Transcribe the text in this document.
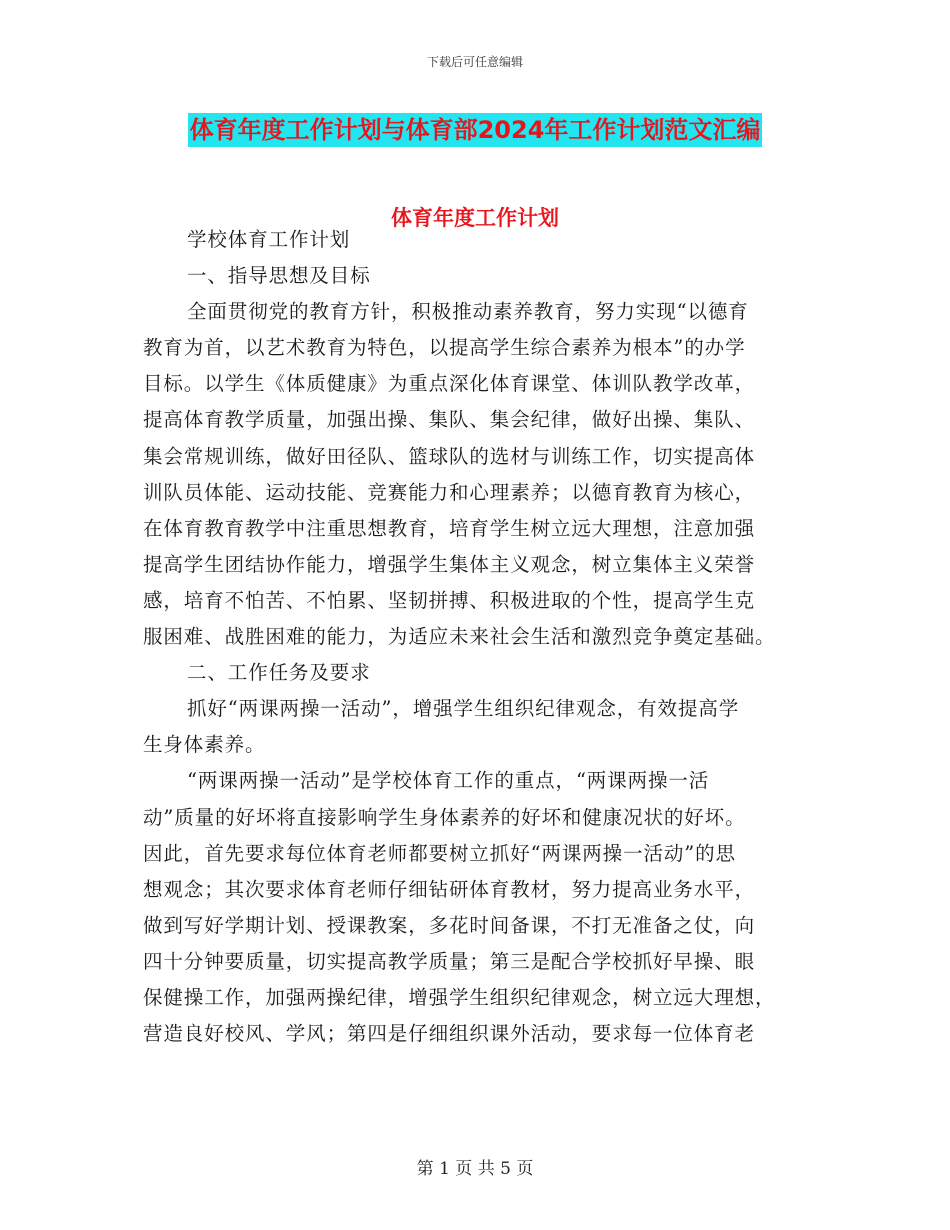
下载后可任意编辑
体育年度工作计划与体育部2024年工作计划范文汇编
体育年度工作计划
学校体育工作计划
一、指导思想及目标
全面贯彻党的教育方针，积极推动素养教育，努力实现“以德育
教育为首，以艺术教育为特色，以提高学生综合素养为根本”的办学
目标。以学生《体质健康》为重点深化体育课堂、体训队教学改革，
提高体育教学质量，加强出操、集队、集会纪律，做好出操、集队、
集会常规训练，做好田径队、篮球队的选材与训练工作，切实提高体
训队员体能、运动技能、竞赛能力和心理素养；以德育教育为核心，
在体育教育教学中注重思想教育，培育学生树立远大理想，注意加强
提高学生团结协作能力，增强学生集体主义观念，树立集体主义荣誉
感，培育不怕苦、不怕累、坚韧拼搏、积极进取的个性，提高学生克
服困难、战胜困难的能力，为适应未来社会生活和激烈竞争奠定基础。
二、工作任务及要求
抓好“两课两操一活动”，增强学生组织纪律观念，有效提高学
生身体素养。
“两课两操一活动”是学校体育工作的重点，“两课两操一活
动”质量的好坏将直接影响学生身体素养的好坏和健康况状的好坏。
因此，首先要求每位体育老师都要树立抓好“两课两操一活动”的思
想观念；其次要求体育老师仔细钻研体育教材，努力提高业务水平，
做到写好学期计划、授课教案，多花时间备课，不打无准备之仗，向
四十分钟要质量，切实提高教学质量；第三是配合学校抓好早操、眼
保健操工作，加强两操纪律，增强学生组织纪律观念，树立远大理想，
营造良好校风、学风；第四是仔细组织课外活动，要求每一位体育老
第 1 页 共 5 页
